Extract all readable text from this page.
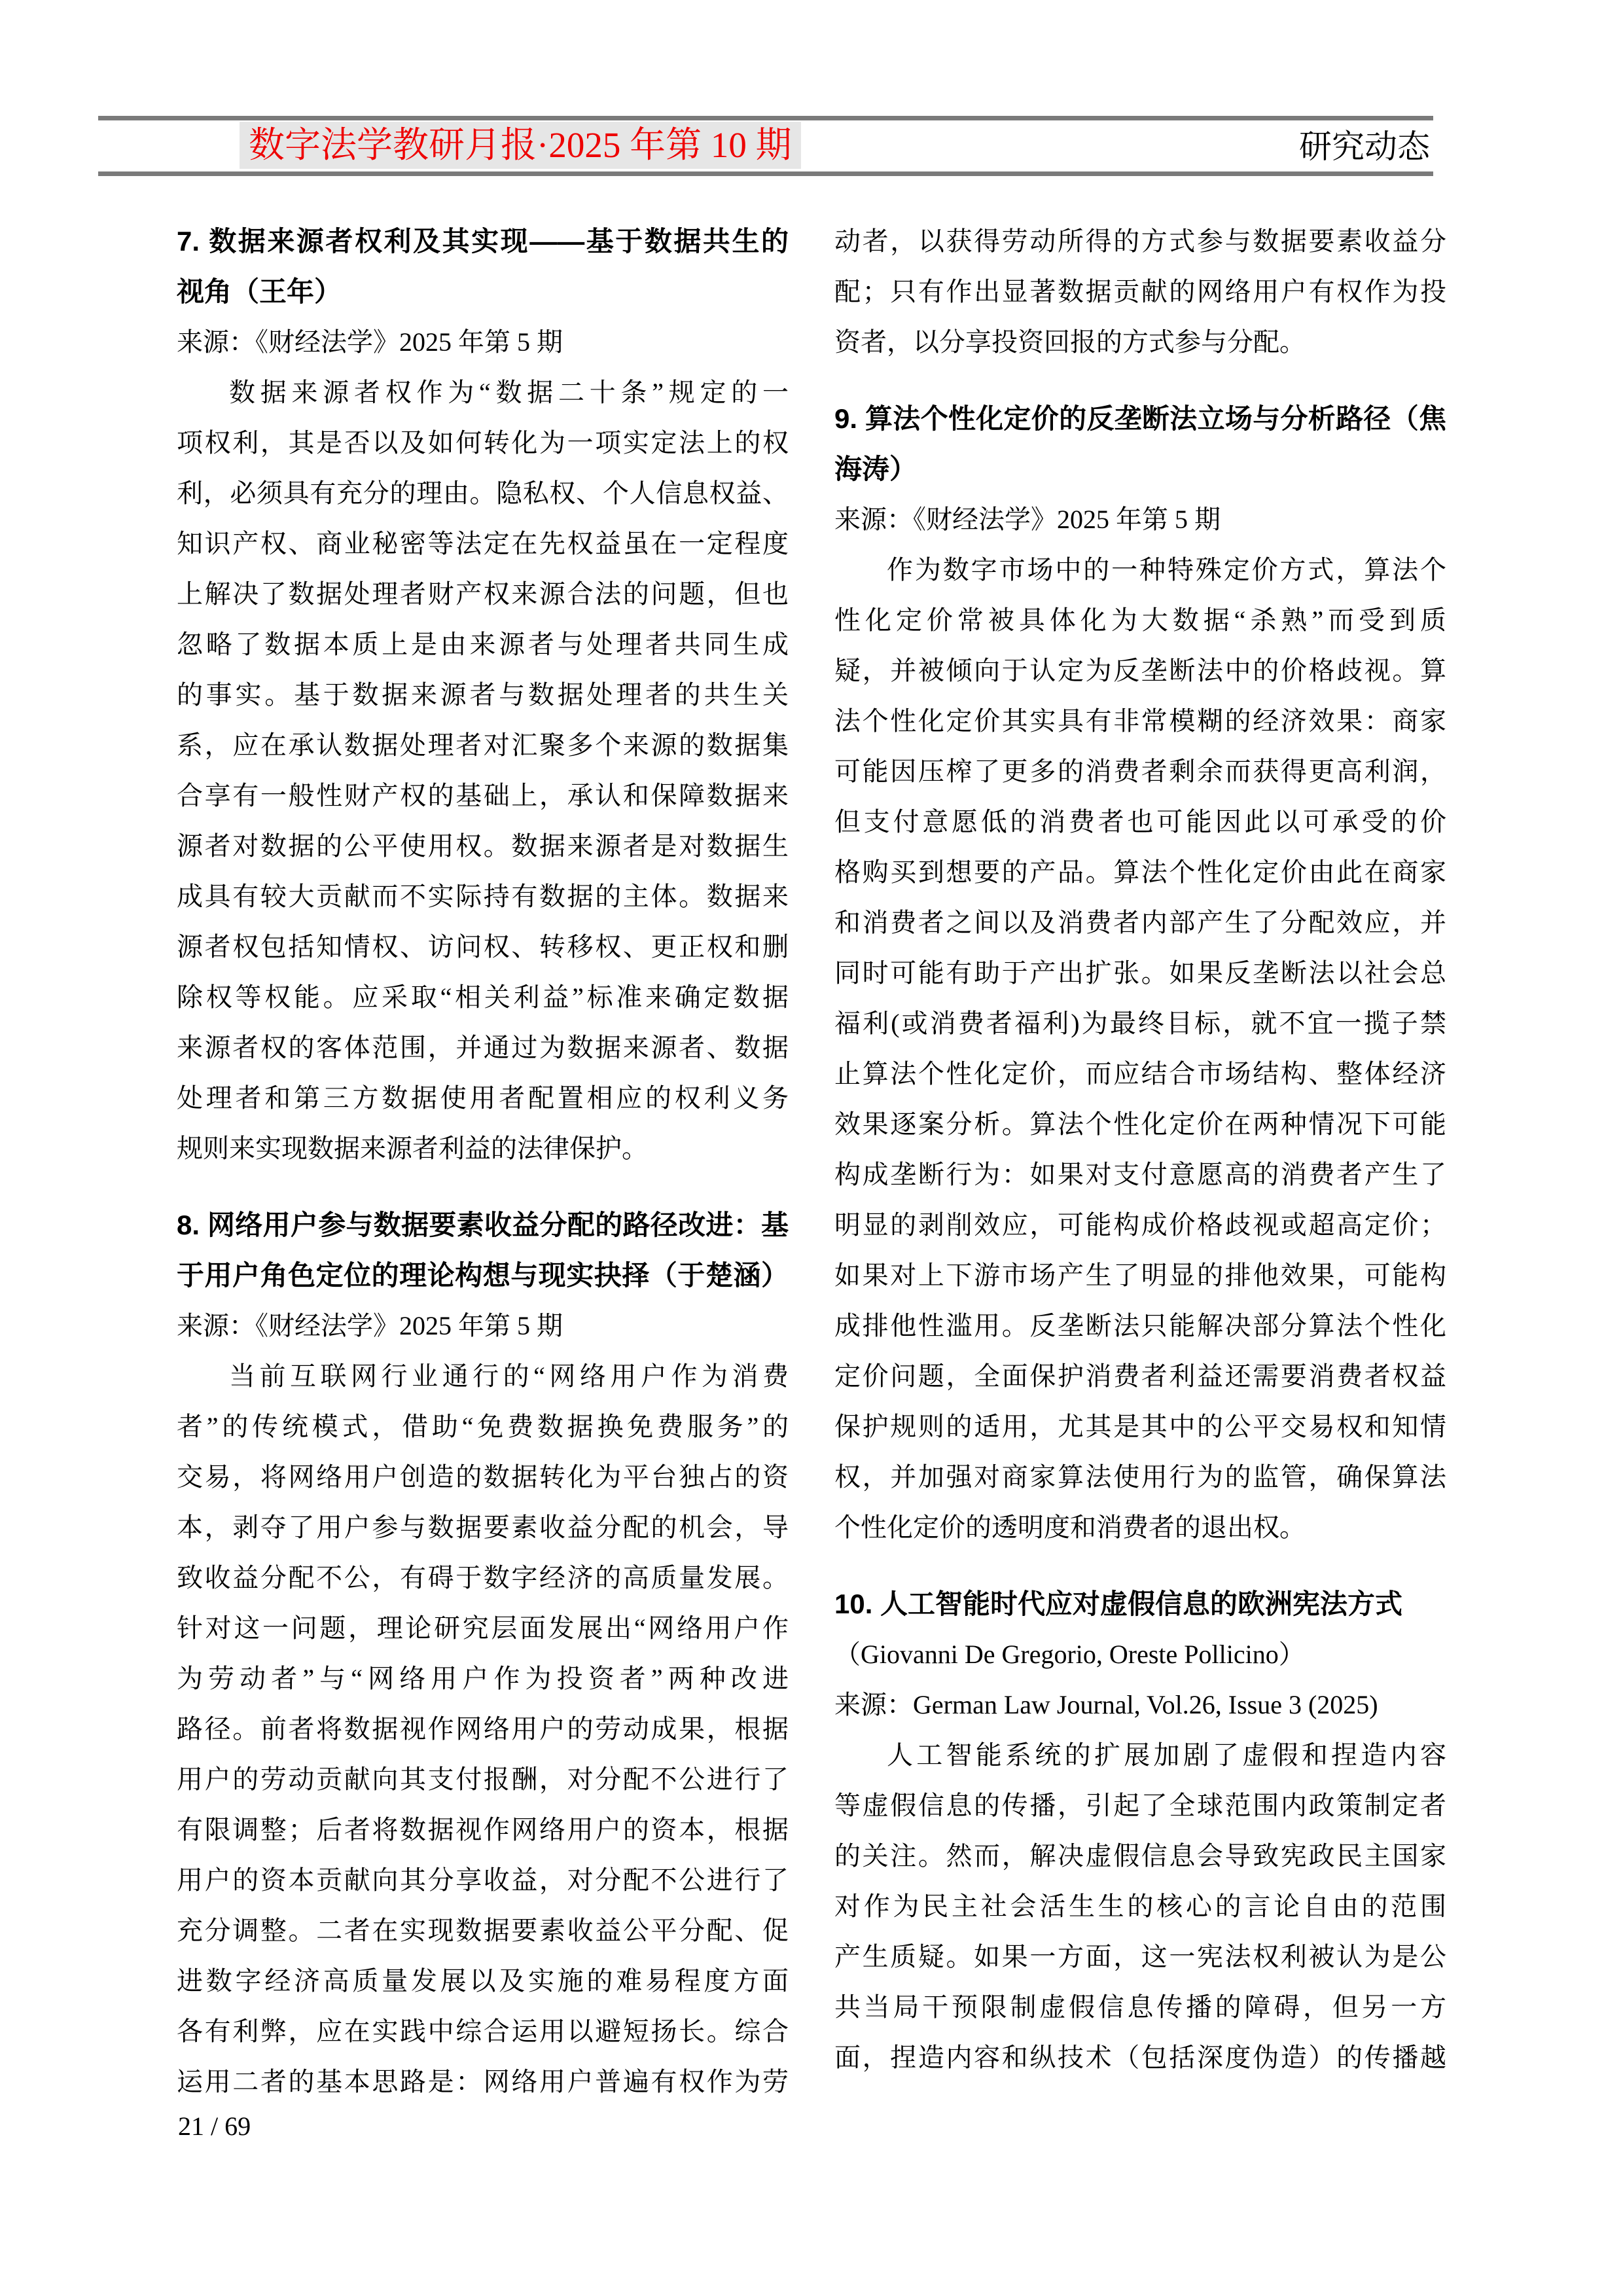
数字法学教研月报·2025 年第 10 期	研究动态
7. 数据来源者权利及其实现——基于数据共生的
视角（王年）
来源：《财经法学》2025 年第 5 期
数据来源者权作为“数据二十条”规定的一
项权利，其是否以及如何转化为一项实定法上的权
利，必须具有充分的理由。隐私权、个人信息权益、
知识产权、商业秘密等法定在先权益虽在一定程度
上解决了数据处理者财产权来源合法的问题，但也
忽略了数据本质上是由来源者与处理者共同生成
的事实。基于数据来源者与数据处理者的共生关
系，应在承认数据处理者对汇聚多个来源的数据集
合享有一般性财产权的基础上，承认和保障数据来
源者对数据的公平使用权。数据来源者是对数据生
成具有较大贡献而不实际持有数据的主体。数据来
源者权包括知情权、访问权、转移权、更正权和删
除权等权能。应采取“相关利益”标准来确定数据
来源者权的客体范围，并通过为数据来源者、数据
处理者和第三方数据使用者配置相应的权利义务
规则来实现数据来源者利益的法律保护。
8. 网络用户参与数据要素收益分配的路径改进：基
于用户角色定位的理论构想与现实抉择（于楚涵）
来源：《财经法学》2025 年第 5 期
当前互联网行业通行的“网络用户作为消费
者”的传统模式，借助“免费数据换免费服务”的
交易，将网络用户创造的数据转化为平台独占的资
本，剥夺了用户参与数据要素收益分配的机会，导
致收益分配不公，有碍于数字经济的高质量发展。
针对这一问题，理论研究层面发展出“网络用户作
为劳动者”与“网络用户作为投资者”两种改进
路径。前者将数据视作网络用户的劳动成果，根据
用户的劳动贡献向其支付报酬，对分配不公进行了
有限调整；后者将数据视作网络用户的资本，根据
用户的资本贡献向其分享收益，对分配不公进行了
充分调整。二者在实现数据要素收益公平分配、促
进数字经济高质量发展以及实施的难易程度方面
各有利弊，应在实践中综合运用以避短扬长。综合
运用二者的基本思路是：网络用户普遍有权作为劳
动者，以获得劳动所得的方式参与数据要素收益分
配；只有作出显著数据贡献的网络用户有权作为投
资者，以分享投资回报的方式参与分配。
9. 算法个性化定价的反垄断法立场与分析路径（焦
海涛）
来源：《财经法学》2025 年第 5 期
作为数字市场中的一种特殊定价方式，算法个
性化定价常被具体化为大数据“杀熟”而受到质
疑，并被倾向于认定为反垄断法中的价格歧视。算
法个性化定价其实具有非常模糊的经济效果：商家
可能因压榨了更多的消费者剩余而获得更高利润，
但支付意愿低的消费者也可能因此以可承受的价
格购买到想要的产品。算法个性化定价由此在商家
和消费者之间以及消费者内部产生了分配效应，并
同时可能有助于产出扩张。如果反垄断法以社会总
福利(或消费者福利)为最终目标，就不宜一揽子禁
止算法个性化定价，而应结合市场结构、整体经济
效果逐案分析。算法个性化定价在两种情况下可能
构成垄断行为：如果对支付意愿高的消费者产生了
明显的剥削效应，可能构成价格歧视或超高定价；
如果对上下游市场产生了明显的排他效果，可能构
成排他性滥用。反垄断法只能解决部分算法个性化
定价问题，全面保护消费者利益还需要消费者权益
保护规则的适用，尤其是其中的公平交易权和知情
权，并加强对商家算法使用行为的监管，确保算法
个性化定价的透明度和消费者的退出权。
10. 人工智能时代应对虚假信息的欧洲宪法方式
（Giovanni De Gregorio, Oreste Pollicino）
来源：German Law Journal, Vol.26, Issue 3 (2025)
人工智能系统的扩展加剧了虚假和捏造内容
等虚假信息的传播，引起了全球范围内政策制定者
的关注。然而，解决虚假信息会导致宪政民主国家
对作为民主社会活生生的核心的言论自由的范围
产生质疑。如果一方面，这一宪法权利被认为是公
共当局干预限制虚假信息传播的障碍，但另一方
面，捏造内容和纵技术（包括深度伪造）的传播越
21 / 69
